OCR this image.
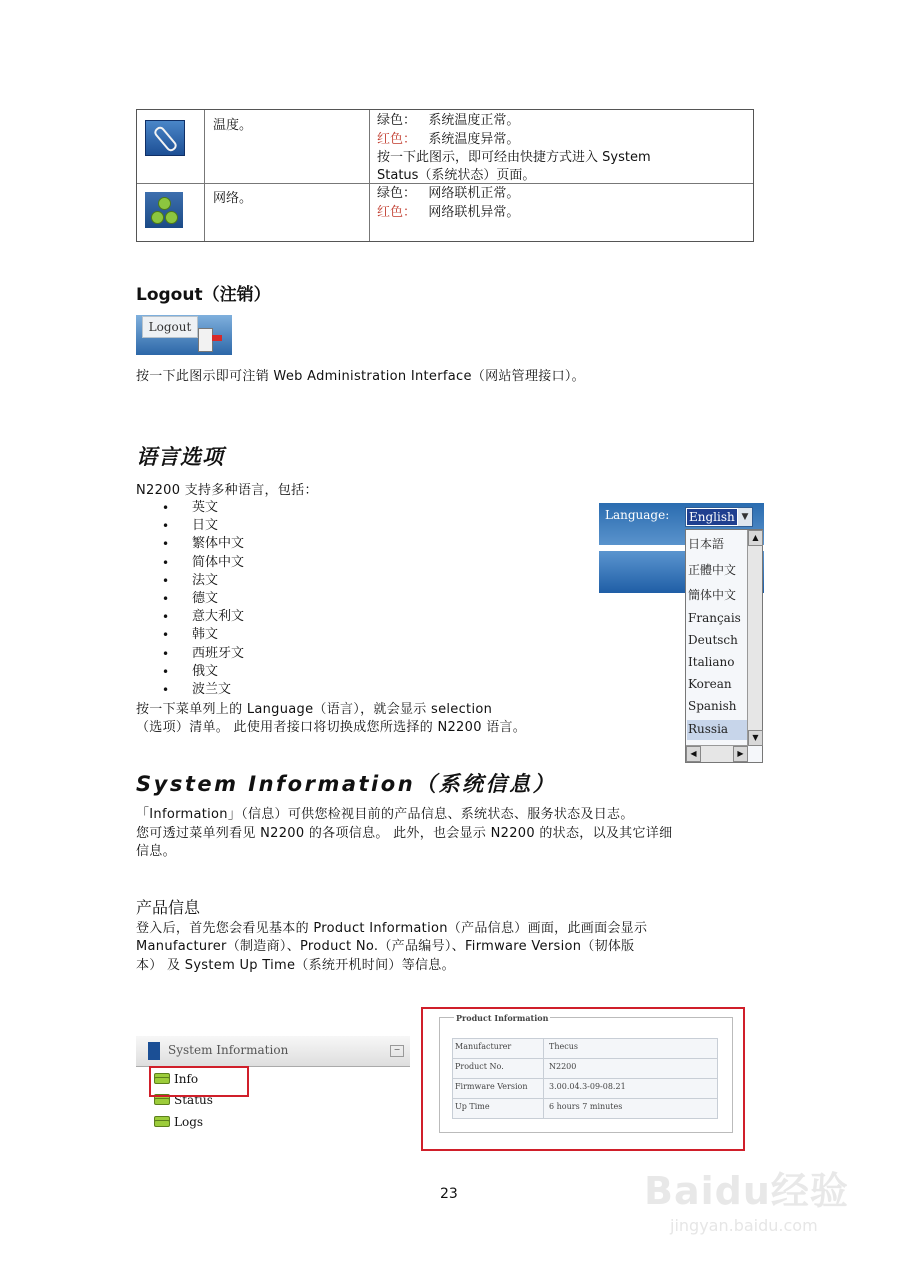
温度。	绿色： 系统温度正常。
红色： 系统温度异常。
按一下此图示，即可经由快捷方式进入 System
Status（系统状态）页面。
网络。	绿色： 网络联机正常。
红色： 网络联机异常。
Logout（注销）
Logout

按一下此图示即可注销 Web Administration Interface（网站管理接口）。

语言选项

N2200 支持多种语言，包括：

• 英文
• 日文
• 繁体中文
• 简体中文
• 法文
• 德文
• 意大利文
• 韩文
• 西班牙文
• 俄文
• 波兰文

按一下菜单列上的 Language（语言），就会显示 selection

（选项）清单。 此使用者接口将切换成您所选择的 N2200 语言。

Language: English ▼
日本語
正體中文
簡体中文
Français
Deutsch
Italiano
Korean
Spanish
Russia
▲
▼
◀	▶
System Information（系统信息）

「Information」（信息）可供您检视目前的产品信息、系统状态、服务状态及日志。

您可透过菜单列看见 N2200 的各项信息。 此外，也会显示 N2200 的状态，以及其它详细

信息。

产品信息

登入后，首先您会看见基本的 Product Information（产品信息）画面，此画面会显示

Manufacturer（制造商）、Product No.（产品编号）、Firmware Version（韧体版

本） 及 System Up Time（系统开机时间）等信息。

System Information	−
Info
Status
Logs
Product Information
Manufacturer	Thecus
Product No.	N2200
Firmware Version	3.00.04.3-09-08.21
Up Time	6 hours 7 minutes
23	Baidu经验
jingyan.baidu.com
